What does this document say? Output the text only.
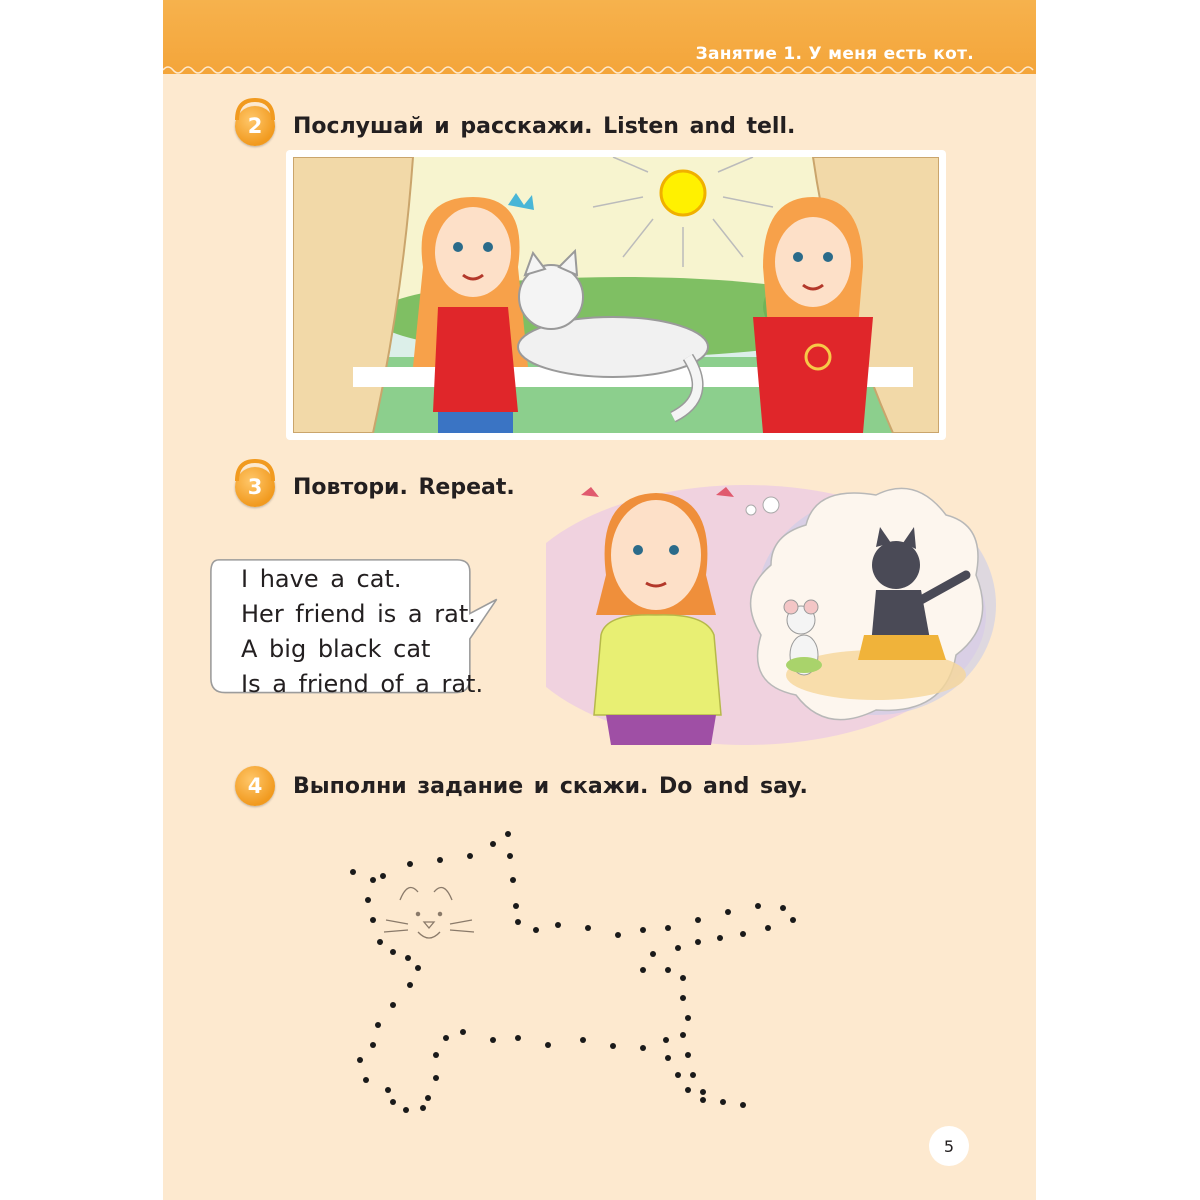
Занятие 1. У меня есть кот.
2 Послушай и расскажи. Listen and tell.
3 Повтори. Repeat.
I have a cat.
Her friend is a rat.
A big black cat
Is a friend of a rat.
4 Выполни задание и скажи. Do and say.
5
